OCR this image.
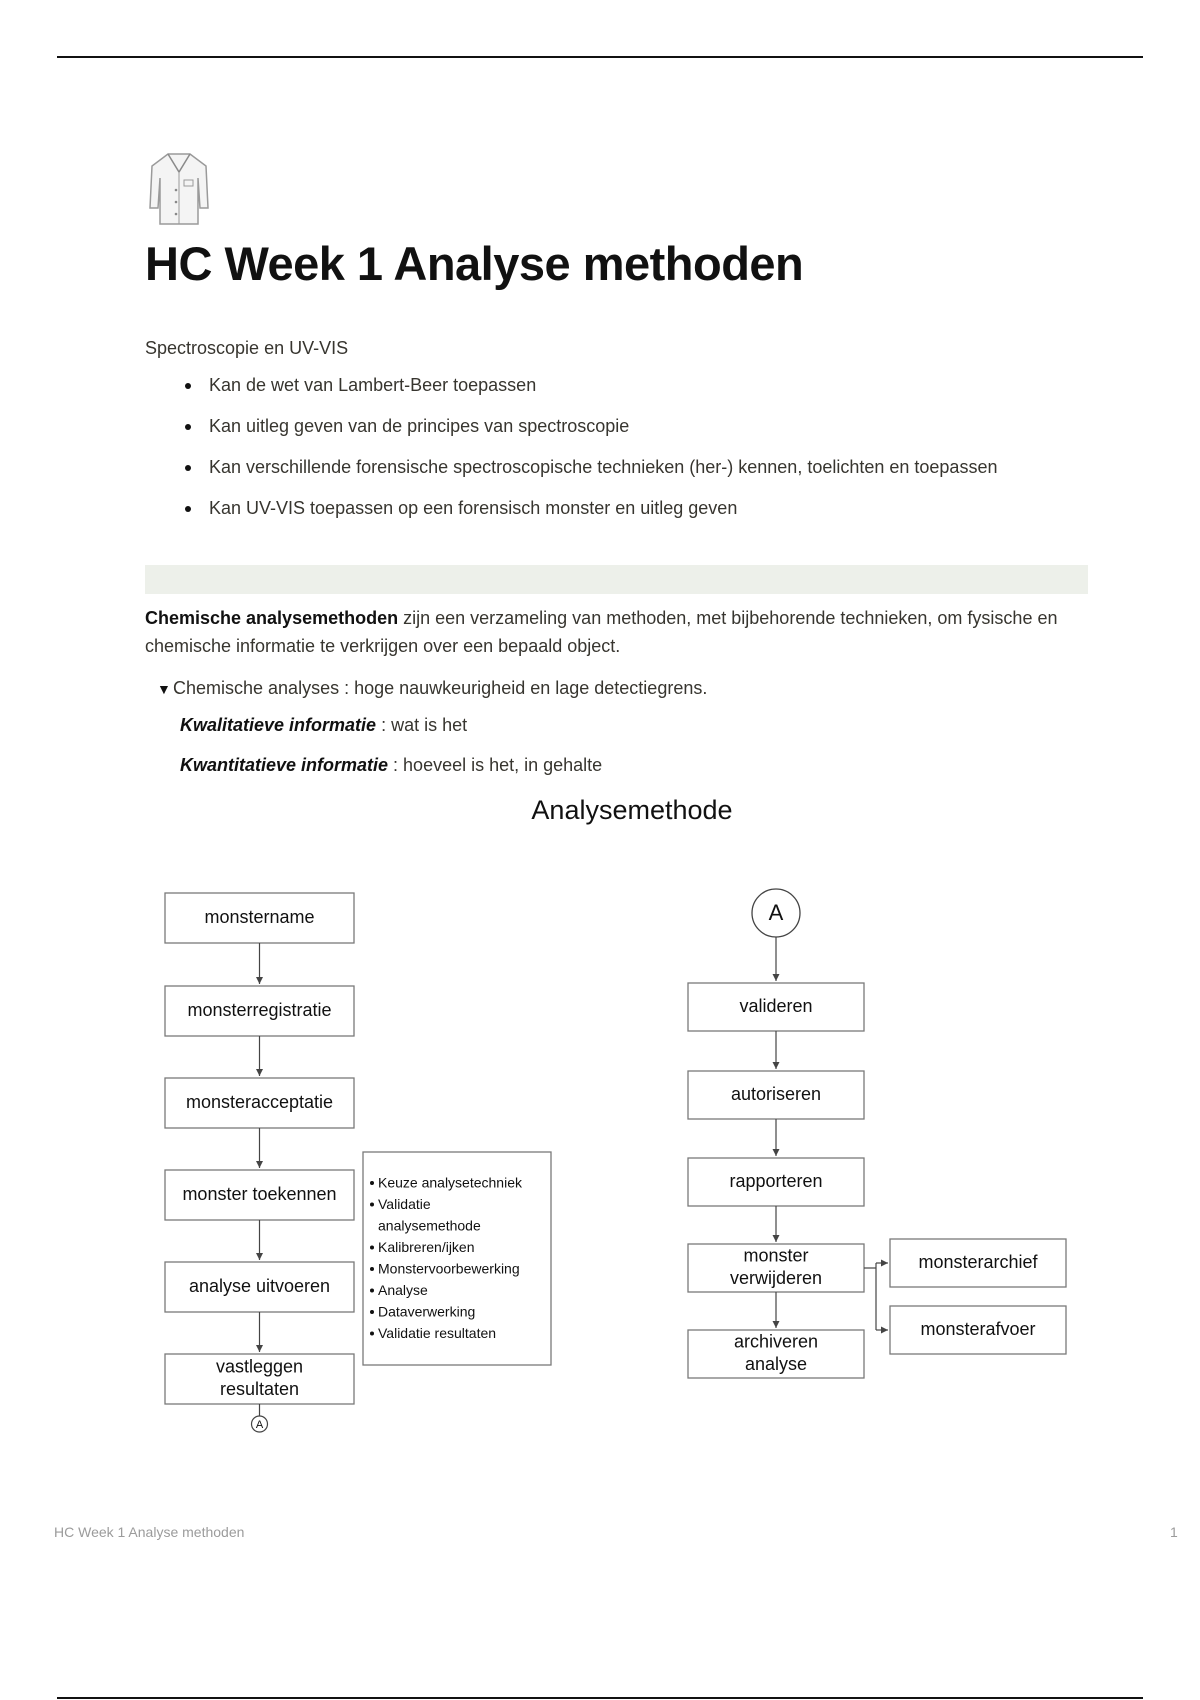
HC Week 1 Analyse methoden

Spectroscopie en UV-VIS

Kan de wet van Lambert-Beer toepassen
Kan uitleg geven van de principes van spectroscopie
Kan verschillende forensische spectroscopische technieken (her-) kennen, toelichten en toepassen
Kan UV-VIS toepassen op een forensisch monster en uitleg geven

Chemische analysemethoden zijn een verzameling van methoden, met bijbehorende technieken, om fysische en chemische informatie te verkrijgen over een bepaald object.

▼ Chemische analyses : hoge nauwkeurigheid en lage detectiegrens.
Kwalitatieve informatie : wat is het
Kwantitatieve informatie : hoeveel is het, in gehalte
Analysemethode
monstername
monsterregistratie
monsteracceptatie
monster toekennen
analyse uitvoeren
vastleggen
resultaten
A
Keuze analysetechniek
Validatie
analysemethode
Kalibreren/ijken
Monstervoorbewerking
Analyse
Dataverwerking
Validatie resultaten
A
valideren
autoriseren
rapporteren
monster
verwijderen
archiveren
analyse
monsterarchief
monsterafvoer
HC Week 1 Analyse methoden	1
